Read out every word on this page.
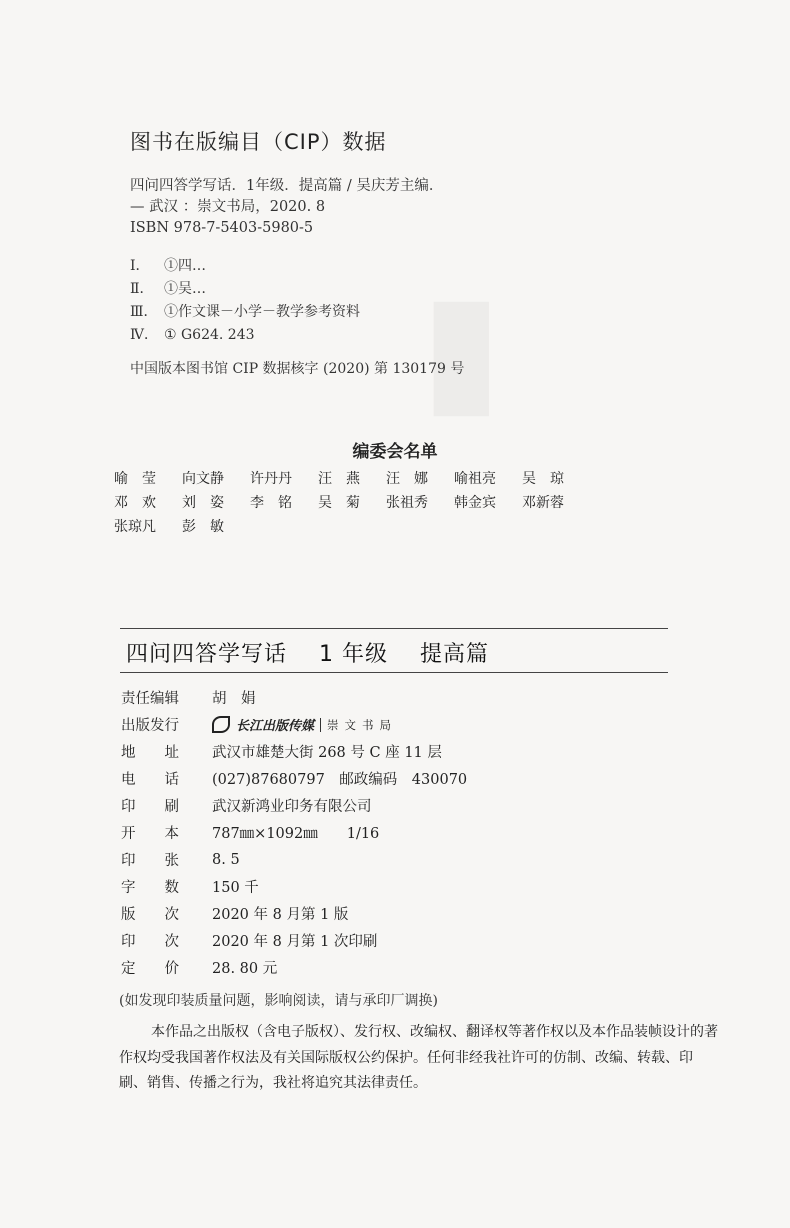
▮
图书在版编目（CIP）数据
四问四答学写话．1年级．提高篇 / 吴庆芳主编．
— 武汉 ：崇文书局，2020. 8
ISBN 978-7-5403-5980-5
Ⅰ． ①四…
Ⅱ． ①吴…
Ⅲ． ①作文课－小学－教学参考资料
Ⅳ． ① G624. 243
中国版本图书馆 CIP 数据核字 (2020) 第 130179 号
编委会名单
喻　莹	向文静	许丹丹	汪　燕	汪　娜	喻祖亮	吴　琼
邓　欢	刘　姿	李　铭	吴　菊	张祖秀	韩金宾	邓新蓉
张琼凡	彭　敏
四问四答学写话 1 年级 提高篇
责任编辑	胡　娟
出版发行	长江出版传媒 崇文书局
地　　址	武汉市雄楚大街 268 号 C 座 11 层
电　　话	(027)87680797　邮政编码　430070
印　　刷	武汉新鸿业印务有限公司
开　　本	787㎜×1092㎜　　1/16
印　　张	8. 5
字　　数	150 千
版　　次	2020 年 8 月第 1 版
印　　次	2020 年 8 月第 1 次印刷
定　　价	28. 80 元
(如发现印装质量问题，影响阅读，请与承印厂调换)
本作品之出版权（含电子版权）、发行权、改编权、翻译权等著作权以及本作品装帧设计的著作权均受我国著作权法及有关国际版权公约保护。任何非经我社许可的仿制、改编、转载、印刷、销售、传播之行为，我社将追究其法律责任。
